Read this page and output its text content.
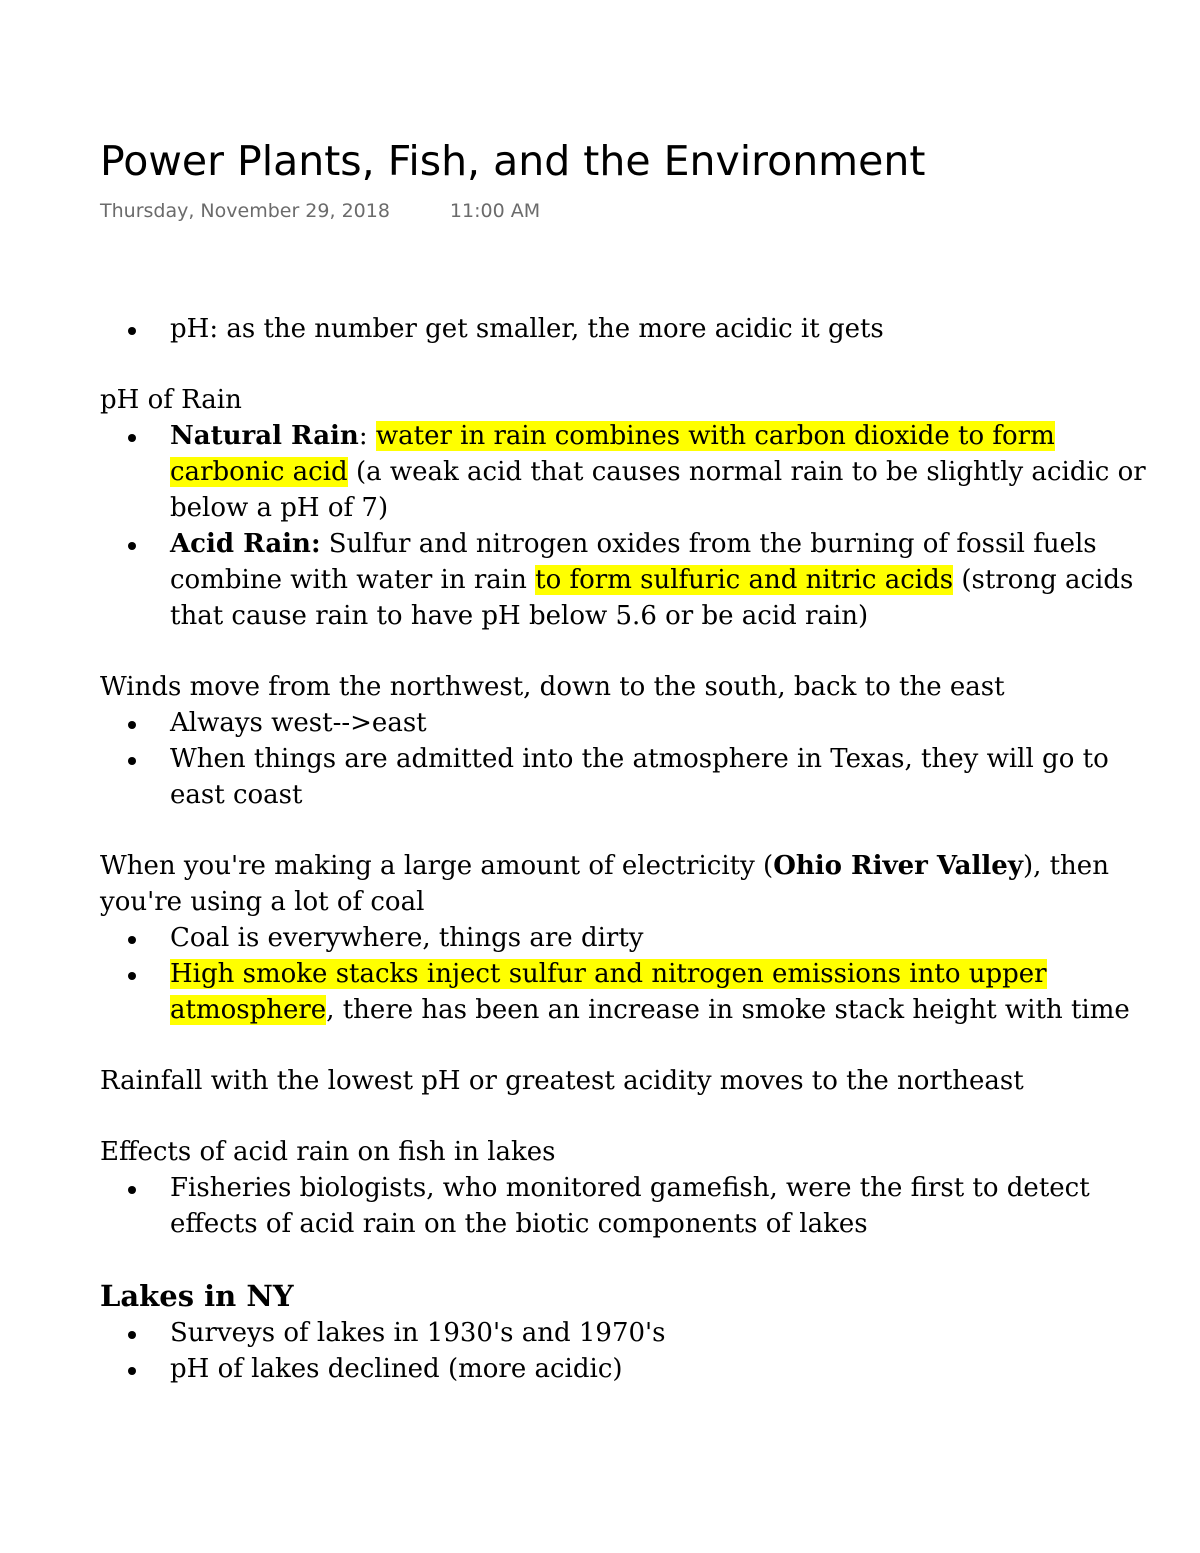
Power Plants, Fish, and the Environment
Thursday, November 29, 2018	11:00 AM
pH: as the number get smaller, the more acidic it gets

pH of Rain

Natural Rain: water in rain combines with carbon dioxide to form carbonic acid (a weak acid that causes normal rain to be slightly acidic or below a pH of 7)
Acid Rain: Sulfur and nitrogen oxides from the burning of fossil fuels combine with water in rain to form sulfuric and nitric acids (strong acids that cause rain to have pH below 5.6 or be acid rain)

Winds move from the northwest, down to the south, back to the east

Always west-->east
When things are admitted into the atmosphere in Texas, they will go to east coast

When you're making a large amount of electricity (Ohio River Valley), then you're using a lot of coal

Coal is everywhere, things are dirty
High smoke stacks inject sulfur and nitrogen emissions into upper atmosphere, there has been an increase in smoke stack height with time

Rainfall with the lowest pH or greatest acidity moves to the northeast

Effects of acid rain on fish in lakes

Fisheries biologists, who monitored gamefish, were the first to detect effects of acid rain on the biotic components of lakes

Lakes in NY

Surveys of lakes in 1930's and 1970's
pH of lakes declined (more acidic)
